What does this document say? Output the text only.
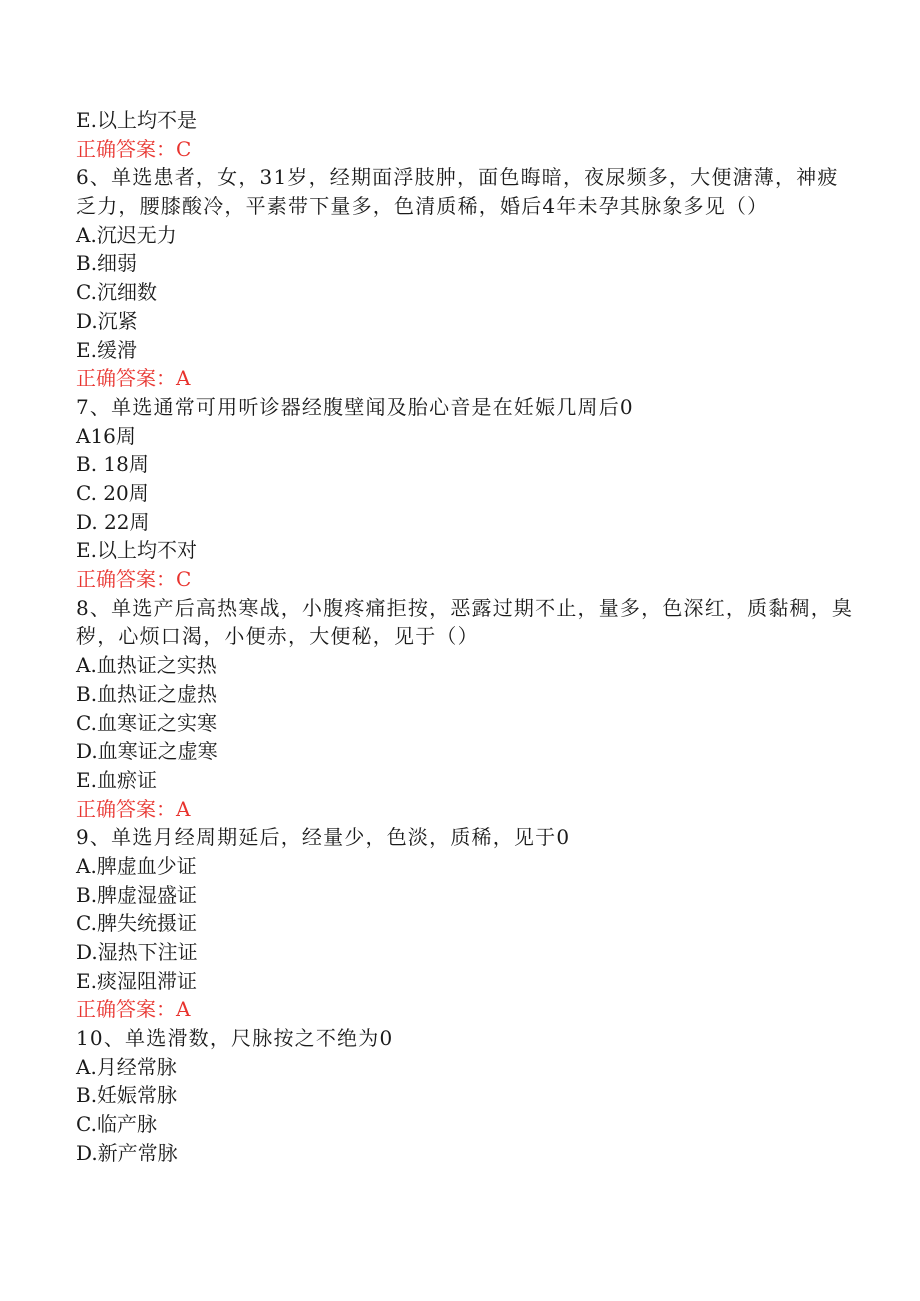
E.以上均不是
正确答案：C
6、单选患者，女，31岁，经期面浮肢肿，面色晦暗，夜尿频多，大便溏薄，神疲乏力，腰膝酸冷，平素带下量多，色清质稀，婚后4年未孕其脉象多见（）
A.沉迟无力
B.细弱
C.沉细数
D.沉紧
E.缓滑
正确答案：A
7、单选通常可用听诊器经腹壁闻及胎心音是在妊娠几周后0
A16周
B. 18周
C. 20周
D. 22周
E.以上均不对
正确答案：C
8、单选产后高热寒战，小腹疼痛拒按，恶露过期不止，量多，色深红，质黏稠，臭秽，心烦口渴，小便赤，大便秘，见于（）
A.血热证之实热
B.血热证之虚热
C.血寒证之实寒
D.血寒证之虚寒
E.血瘀证
正确答案：A
9、单选月经周期延后，经量少，色淡，质稀，见于0
A.脾虚血少证
B.脾虚湿盛证
C.脾失统摄证
D.湿热下注证
E.痰湿阻滞证
正确答案：A
10、单选滑数，尺脉按之不绝为0
A.月经常脉
B.妊娠常脉
C.临产脉
D.新产常脉
